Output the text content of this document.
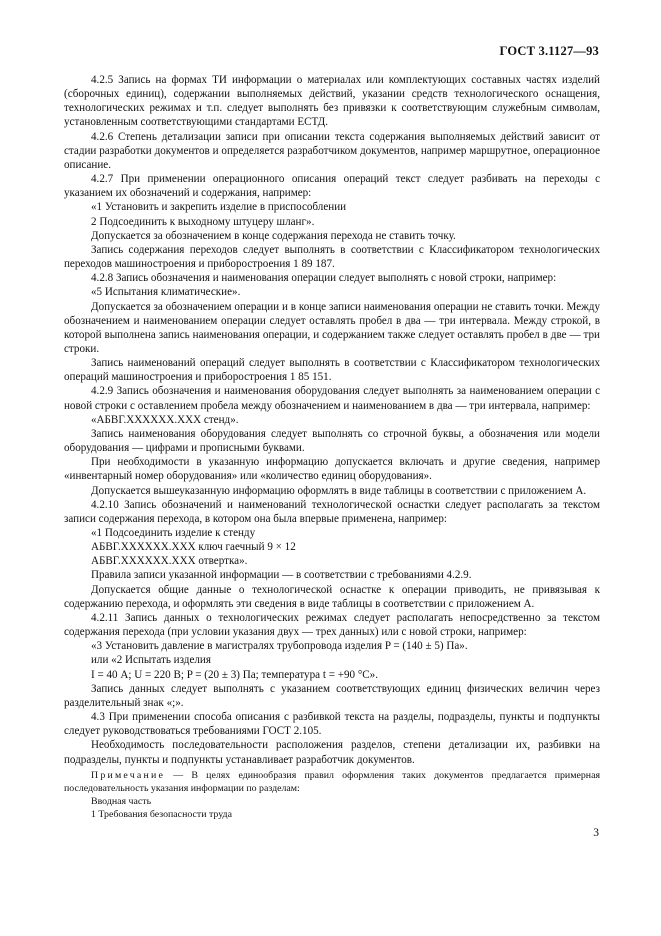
ГОСТ 3.1127—93

4.2.5 Запись на формах ТИ информации о материалах или комплектующих составных частях изделий (сборочных единиц), содержании выполняемых действий, указании средств технологического оснащения, технологических режимах и т.п. следует выполнять без привязки к соответствующим служебным символам, установленным соответствующими стандартами ЕСТД.

4.2.6 Степень детализации записи при описании текста содержания выполняемых действий зависит от стадии разработки документов и определяется разработчиком документов, например маршрутное, операционное описание.

4.2.7 При применении операционного описания операций текст следует разбивать на переходы с указанием их обозначений и содержания, например:

«1 Установить и закрепить изделие в приспособлении

2 Подсоединить к выходному штуцеру шланг».

Допускается за обозначением в конце содержания перехода не ставить точку.

Запись содержания переходов следует выполнять в соответствии с Классификатором технологических переходов машиностроения и приборостроения 1 89 187.

4.2.8 Запись обозначения и наименования операции следует выполнять с новой строки, например:

«5 Испытания климатические».

Допускается за обозначением операции и в конце записи наименования операции не ставить точки. Между обозначением и наименованием операции следует оставлять пробел в два — три интервала. Между строкой, в которой выполнена запись наименования операции, и содержанием также следует оставлять пробел в две — три строки.

Запись наименований операций следует выполнять в соответствии с Классификатором технологических операций машиностроения и приборостроения 1 85 151.

4.2.9 Запись обозначения и наименования оборудования следует выполнять за наименованием операции с новой строки с оставлением пробела между обозначением и наименованием в два — три интервала, например:

«АБВГ.XXXXXX.XXX стенд».

Запись наименования оборудования следует выполнять со строчной буквы, а обозначения или модели оборудования — цифрами и прописными буквами.

При необходимости в указанную информацию допускается включать и другие сведения, например «инвентарный номер оборудования» или «количество единиц оборудования».

Допускается вышеуказанную информацию оформлять в виде таблицы в соответствии с приложением А.

4.2.10 Запись обозначений и наименований технологической оснастки следует располагать за текстом записи содержания перехода, в котором она была впервые применена, например:

«1 Подсоединить изделие к стенду

АБВГ.XXXXXX.XXX ключ гаечный 9 × 12

АБВГ.XXXXXX.XXX отвертка».

Правила записи указанной информации — в соответствии с требованиями 4.2.9.

Допускается общие данные о технологической оснастке к операции приводить, не привязывая к содержанию перехода, и оформлять эти сведения в виде таблицы в соответствии с приложением А.

4.2.11 Запись данных о технологических режимах следует располагать непосредственно за текстом содержания перехода (при условии указания двух — трех данных) или с новой строки, например:

«3 Установить давление в магистралях трубопровода изделия P = (140 ± 5) Па».

или «2 Испытать изделия

I = 40 А; U = 220 В; P = (20 ± 3) Па; температура t = +90 °С».

Запись данных следует выполнять с указанием соответствующих единиц физических величин через разделительный знак «;».

4.3 При применении способа описания с разбивкой текста на разделы, подразделы, пункты и подпункты следует руководствоваться требованиями ГОСТ 2.105.

Необходимость последовательности расположения разделов, степени детализации их, разбивки на подразделы, пункты и подпункты устанавливает разработчик документов.

Примечание — В целях единообразия правил оформления таких документов предлагается примерная последовательность указания информации по разделам:

Вводная часть

1 Требования безопасности труда

3
